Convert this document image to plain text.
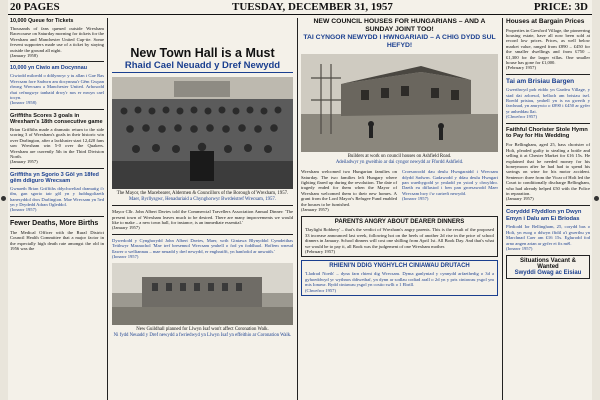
20 PAGES	TUESDAY, DECEMBER 31, 1957	PRICE: 3D
10,000 Queue for Tickets
Thousands of fans queued outside Wrexham Racecourse on Saturday morning for tickets for the Wrexham and Manchester United Cup-tie. Some fervent supporters made use of a ticket by staying outside the ground all night.
(January 1958)
10,000 yn Ciwio am Docynnau
Ciwiodd miloedd o ddilynwyr y tu allan i Gae Ras Wrecsam fore Sadwrn am docynnau'r Gêm Gwpan rhwng Wrecsam a Manchester United. Arhosodd rhai cefnogwyr tanbaid drwy'r nos er mwyn cael tocyn.
(Ionawr 1958)
Griffiths Scores 3 goals in Wrexham's 18th consecutive game
Brian Griffiths made a dramatic return to the side scoring 3 of Wrexham's goals in their historic win over Darlington, after a lackluster start 12,420 fans saw Wrexham win 5-0 over the Quakers. Wrexham are currently 5th in the Third Division North.
(January 1957)
Griffiths yn Sgorio 3 Gôl yn 18fed gêm ddiguro Wrecsam
Gwnaeth Brian Griffiths ddychweliad dramatig i'r tîm, gan sgorio tair gôl yn y fuddugoliaeth hanesyddol dros Darlington. Mae Wrecsam yn 5ed yn y Drydedd Adran Ogleddol.
(Ionawr 1957)
Fewer Deaths, More Births
The Medical Officer with the Rural District Council Health Committee that a major factor in the especially high death rate amongst the old in 1956 was the
New Town Hall is a Must
Rhaid Cael Neuadd y Dref Newydd
The Mayor, the Macebearer, Aldermen & Councillors of the Borough of Wrexham, 1957.
Maer, Byrllysgwr, Henaduriaid a Chynghorwyr Bwrdeistref Wrecsam, 1957.
Mayor Cllr. John Albert Davies told the Commercial Travellers Association Annual Dinner: 'The present town of Wrexham leaves much to be desired. There are many improvements we would like to make – a new town hall, for instance, is an immediate essential.'
(January 1957)
Dywedodd y Cynghorydd John Albert Davies, Maer, wrth Giniawa Blynyddol Cymdeithas Teithwyr Masnachol 'Mae tref bresennol Wrecsam ymhell o fod yn foddhaol. Hoffem wneud llawer o welliannau – mae neuadd y dref newydd, er enghraifft, yn hanfodol ar unwaith.'
(Ionawr 1957)
New Guildhall planned for Llwyn Isaf won't affect Coronation Walk.
Ni fydd Neuadd y Dref newydd a fwriedwyd yn Llwyn Isaf yn effeithio ar Coronation Walk.
NEW COUNCIL HOUSES FOR HUNGARIANS – AND A SUNDAY JOINT TOO!
TAI CYNGOR NEWYDD I HWNGARIAID – A CHIG DYDD SUL HEFYD!
Builders at work on council houses on Ashfield Road.
Adeiladwyr yn gweithio ar dai cyngor newydd ar Ffordd Ashfield.
Wrexham welcomed two Hungarian families on Saturday. The two families left Hungary where fighting flared up during the revolution. The date of tragedy ended for them when the Mayor of Wrexham welcomed them to their new homes. A grant from the Lord Mayor's Refugee Fund enabled the houses to be furnished.
(January 1957)
Croesawodd dau deulu Hwngaraidd i Wrecsam ddydd Sadwrn. Gadawodd y ddau deulu Hwngari pan waethygodd yr ymladd yn ystod y chwyldro. Daeth eu diflastod i ben pan groesawodd Maer Wrecsam hwy i'w cartrefi newydd.
(Ionawr 1957)
PARENTS ANGRY ABOUT DEARER DINNERS
'Daylight Robbery' – that's the verdict of Wrexham's angry parents. This is the result of the proposed 33 increase announced last week, following hot on the heels of another 2d rise in the price of school dinners in January. School dinners will cost one shilling from April 1st. All Book Day. And that's what we would be to pay it, all Book was the judgement of one Wrexham mother.
(February 1957)
RHIENI'N DDIG YNGHYLCH CINIAWAU DRUTACH
'Lladrad Noeth' – dyna farn rhieni dig Wrecsam. Dyma ganlyniad y cynnydd arfaethedig o 3d a gyhoeddwyd yr wythnos ddiwethaf, yn dynn ar sodlau codiad arall o 2d yn y pris ciniawau ysgol ym mis Ionawr. Bydd ciniawau ysgol yn costio swllt o 1 Ebrill.
(Chwefror 1957)
Houses at Bargain Prices
Properties in Gresford Village, the pioneering housing estate, have all now been sold at record low prices. Prices, as well below market value, ranged from £890 – £450 for the smaller dwellings and from £750 – £1,300 for the larger villas. One smaller house has gone for £1,000.
(February 1957)
Tai am Brisiau Bargen
Gwerthwyd pob eiddo yn Gardeu Village, y stad dai arloesol, bellach am brisiau isel. Roedd prisiau, ymhell yn is na gwerth y farchnad, yn amrywio o £890 i £450 ar gyfer yr anheddau llai.
(Chwefror 1957)
Faithful Chorister Stole Hymn to Pay for His Wedding
For Bellingham, aged 25, bass chorister of Holt, pleaded guilty to stealing a bottle and selling it at Chester Market for £16 15s. He explained that he needed money for his honeymoon after he had had to spend his savings on wine for his motor accident. Sentence: three from the Vicar of Holt led the Court to conditionally discharge Bellingham, who had already helped £50 with the Police in reparation.
(January 1957)
Coryddd Ffyddlon yn Dwyn Emyn i Dalu am Ei Briodas
Plediodd Ior Bellingham, 25, corydd bas o Holt, yn euog o ddwyn ffidil a'i gwerthu yn Marchnad Caer am £16 15s. Eglurodd fod arno angen arian ar gyfer ei fis mêl.
(Ionawr 1957)
Situations Vacant & Wanted
Swyddi Gwag ac Eisiau
